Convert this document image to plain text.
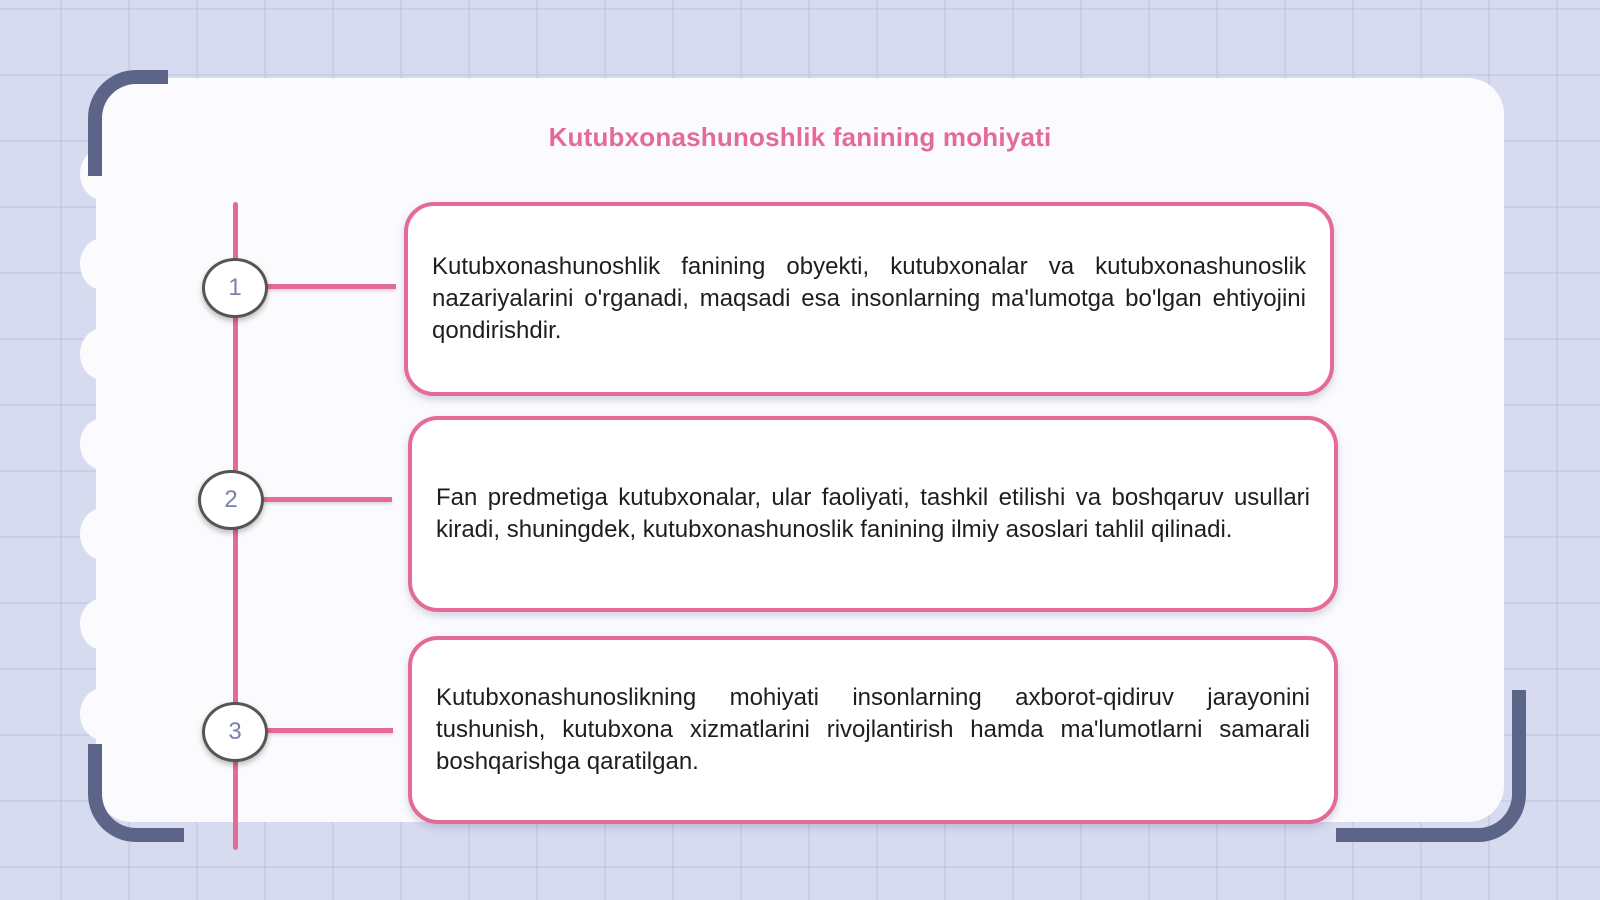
Kutubxonashunoshlik fanining mohiyati
1
2
3

Kutubxonashunoshlik fanining obyekti, kutubxonalar va kutubxonashunoslik nazariyalarini o'rganadi, maqsadi esa insonlarning ma'lumotga bo'lgan ehtiyojini qondirishdir.

Fan predmetiga kutubxonalar, ular faoliyati, tashkil etilishi va boshqaruv usullari kiradi, shuningdek, kutubxonashunoslik fanining ilmiy asoslari tahlil qilinadi.

Kutubxonashunoslikning mohiyati insonlarning axborot-qidiruv jarayonini tushunish, kutubxona xizmatlarini rivojlantirish hamda ma'lumotlarni samarali boshqarishga qaratilgan.
